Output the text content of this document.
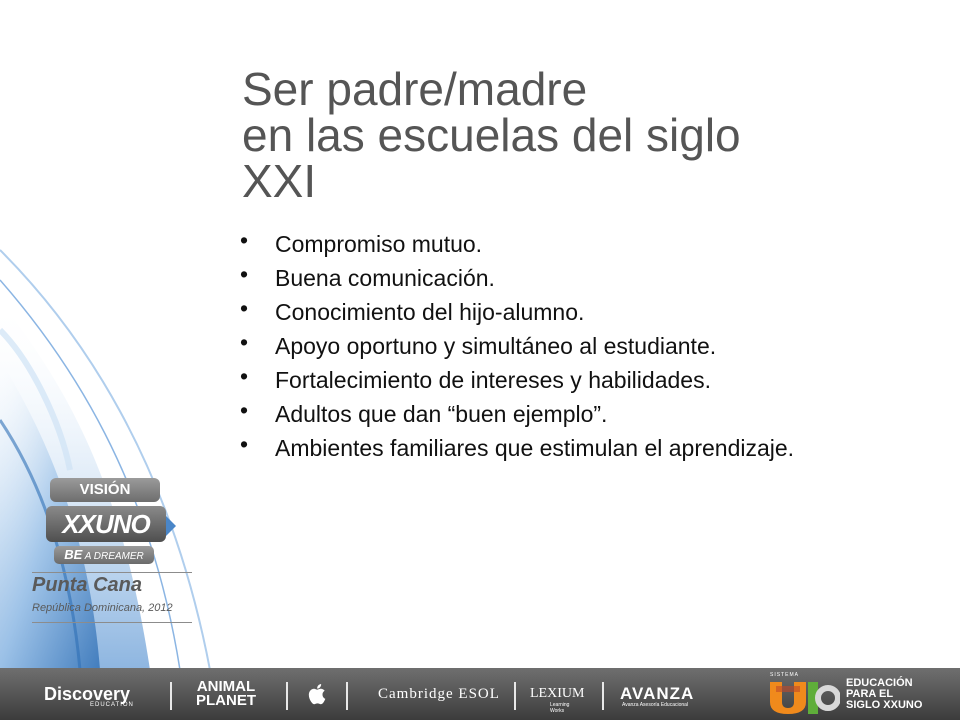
Ser padre/madre
en las escuelas del siglo
XXI
• Compromiso mutuo.
• Buena comunicación.
• Conocimiento del hijo-alumno.
• Apoyo oportuno y simultáneo al estudiante.
• Fortalecimiento de intereses y habilidades.
• Adultos que dan “buen ejemplo”.
• Ambientes familiares que estimulan el aprendizaje.
VISIÓN
XXUNO
BE A DREAMER
Punta Cana
República Dominicana, 2012
Discovery
EDUCATION
ANIMAL
PLANET	Cambridge ESOL LEXIUM
Learning Works
AVANZA
Avanza Asesoría Educacional
SISTEMA
EDUCACIÓN
PARA EL
SIGLO XXUNO
